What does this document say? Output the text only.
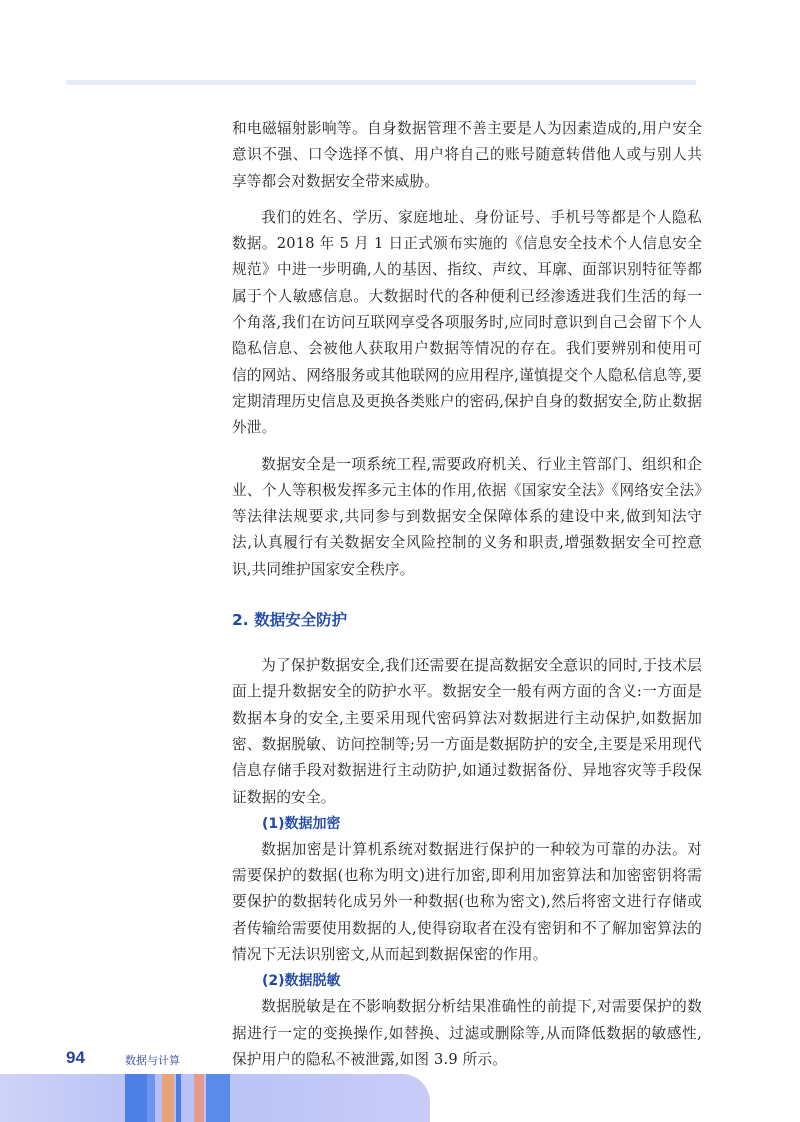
和电磁辐射影响等。自身数据管理不善主要是人为因素造成的,用户安全意识不强、口令选择不慎、用户将自己的账号随意转借他人或与别人共享等都会对数据安全带来威胁。

我们的姓名、学历、家庭地址、身份证号、手机号等都是个人隐私数据。2018 年 5 月 1 日正式颁布实施的《信息安全技术个人信息安全规范》中进一步明确,人的基因、指纹、声纹、耳廓、面部识别特征等都属于个人敏感信息。大数据时代的各种便利已经渗透进我们生活的每一个角落,我们在访问互联网享受各项服务时,应同时意识到自己会留下个人隐私信息、会被他人获取用户数据等情况的存在。我们要辨别和使用可信的网站、网络服务或其他联网的应用程序,谨慎提交个人隐私信息等,要定期清理历史信息及更换各类账户的密码,保护自身的数据安全,防止数据外泄。

数据安全是一项系统工程,需要政府机关、行业主管部门、组织和企业、个人等积极发挥多元主体的作用,依据《国家安全法》《网络安全法》等法律法规要求,共同参与到数据安全保障体系的建设中来,做到知法守法,认真履行有关数据安全风险控制的义务和职责,增强数据安全可控意识,共同维护国家安全秩序。

2. 数据安全防护

为了保护数据安全,我们还需要在提高数据安全意识的同时,于技术层面上提升数据安全的防护水平。数据安全一般有两方面的含义:一方面是数据本身的安全,主要采用现代密码算法对数据进行主动保护,如数据加密、数据脱敏、访问控制等;另一方面是数据防护的安全,主要是采用现代信息存储手段对数据进行主动防护,如通过数据备份、异地容灾等手段保证数据的安全。

(1)数据加密

数据加密是计算机系统对数据进行保护的一种较为可靠的办法。对需要保护的数据(也称为明文)进行加密,即利用加密算法和加密密钥将需要保护的数据转化成另外一种数据(也称为密文),然后将密文进行存储或者传输给需要使用数据的人,使得窃取者在没有密钥和不了解加密算法的情况下无法识别密文,从而起到数据保密的作用。

(2)数据脱敏

数据脱敏是在不影响数据分析结果准确性的前提下,对需要保护的数据进行一定的变换操作,如替换、过滤或删除等,从而降低数据的敏感性,保护用户的隐私不被泄露,如图 3.9 所示。

94	数据与计算
